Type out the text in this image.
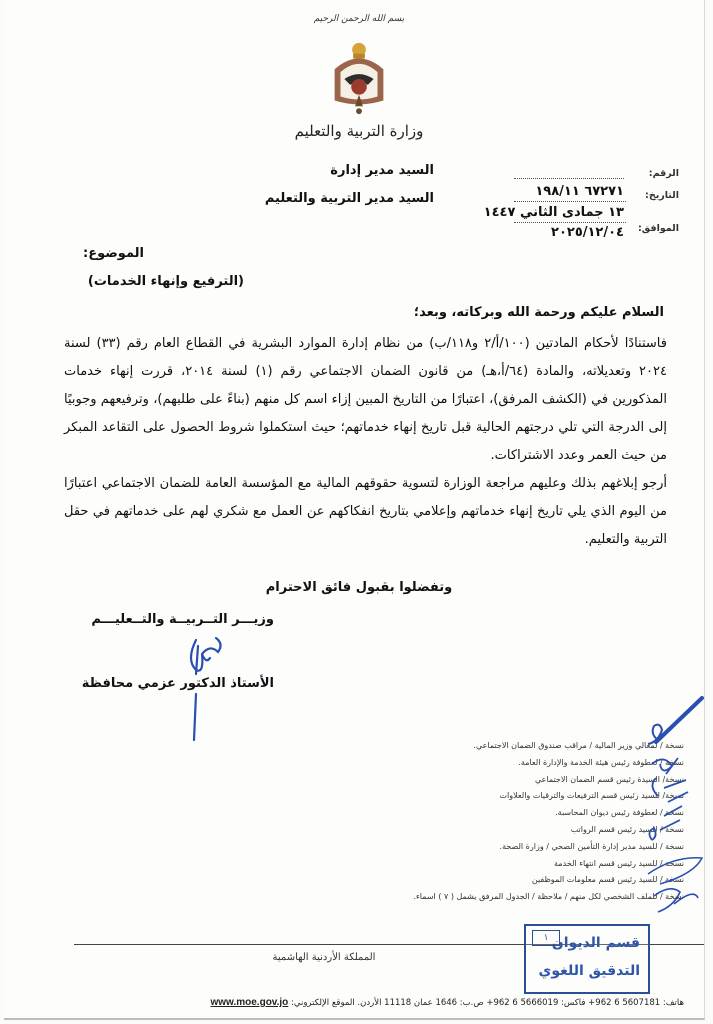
بسم الله الرحمن الرحيم
وزارة التربية والتعليم
السيد مدير إدارة
السيد مدير التربية والتعليم
الرقم:
التاريخ:
٦٧٢٧١ ١٩٨/١١
١٣ جمادى الثاني ١٤٤٧
الموافق:
٢٠٢٥/١٢/٠٤
الموضوع:
(الترفيع وإنهاء الخدمات)
السلام عليكم ورحمة الله وبركاته، وبعد؛
فاستنادًا لأحكام المادتين (١٠٠/أ/٢ و١١٨/ب) من نظام إدارة الموارد البشرية في القطاع العام رقم (٣٣) لسنة ٢٠٢٤ وتعديلاته، والمادة (٦٤/أ،هـ) من قانون الضمان الاجتماعي رقم (١) لسنة ٢٠١٤، قررت إنهاء خدمات المذكورين في (الكشف المرفق)، اعتبارًا من التاريخ المبين إزاء اسم كل منهم (بناءً على طلبهم)، وترفيعهم وجوبيًا إلى الدرجة التي تلي درجتهم الحالية قبل تاريخ إنهاء خدماتهم؛ حيث استكملوا شروط الحصول على التقاعد المبكر من حيث العمر وعدد الاشتراكات.
أرجو إبلاغهم بذلك وعليهم مراجعة الوزارة لتسوية حقوقهم المالية مع المؤسسة العامة للضمان الاجتماعي اعتبارًا من اليوم الذي يلي تاريخ إنهاء خدماتهم وإعلامي بتاريخ انفكاكهم عن العمل مع شكري لهم على خدماتهم في حقل التربية والتعليم.
وتفضلوا بقبول فائق الاحترام
وزيـــر التــربيــة والتــعليـــم
الأستاذ الدكتور عزمي محافظة
نسخة / لمعالي وزير المالية / مراقب صندوق الضمان الاجتماعي.
نسخة / لعطوفة رئيس هيئة الخدمة والإدارة العامة.
نسخة/ السيدة رئيس قسم الضمان الاجتماعي
نسخة/ للسيد رئيس قسم الترفيعات والترقيات والعلاوات
نسخة / لعطوفة رئيس ديوان المحاسبة.
نسخة / للسيد رئيس قسم الرواتب
نسخة / للسيد مدير إدارة التأمين الصحي / وزارة الصحة.
نسخة / للسيد رئيس قسم انتهاء الخدمة
نسخة / للسيد رئيس قسم معلومات الموظفين
نسخة / للملف الشخصي لكل منهم / ملاحظة / الجدول المرفق يشمل ( ٧ ) اسماء.
١ قسم الديوان
التدقيق اللغوي
المملكة الأردنية الهاشمية
هاتف: +962 6 5607181 فاكس: +962 6 5666019 ص.ب: 1646 عمان 11118 الأردن. الموقع الإلكتروني: www.moe.gov.jo
